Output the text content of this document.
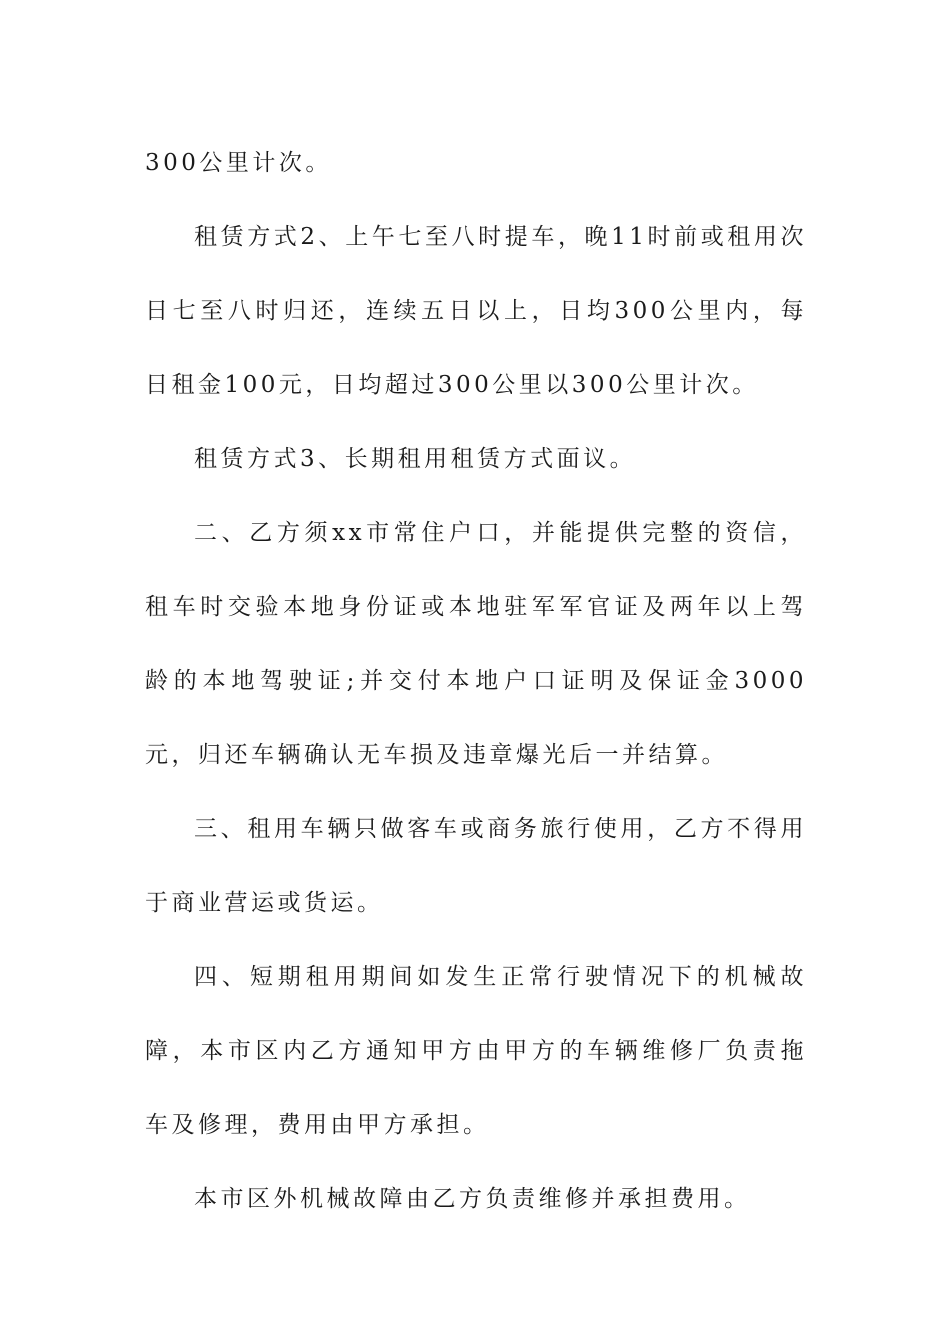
300公里计次。

租赁方式2、上午七至八时提车，晚11时前或租用次日七至八时归还，连续五日以上，日均300公里内，每日租金100元，日均超过300公里以300公里计次。

租赁方式3、长期租用租赁方式面议。

二、乙方须xx市常住户口，并能提供完整的资信，租车时交验本地身份证或本地驻军军官证及两年以上驾龄的本地驾驶证;并交付本地户口证明及保证金3000元，归还车辆确认无车损及违章爆光后一并结算。

三、租用车辆只做客车或商务旅行使用，乙方不得用于商业营运或货运。

四、短期租用期间如发生正常行驶情况下的机械故障，本市区内乙方通知甲方由甲方的车辆维修厂负责拖车及修理，费用由甲方承担。

本市区外机械故障由乙方负责维修并承担费用。
